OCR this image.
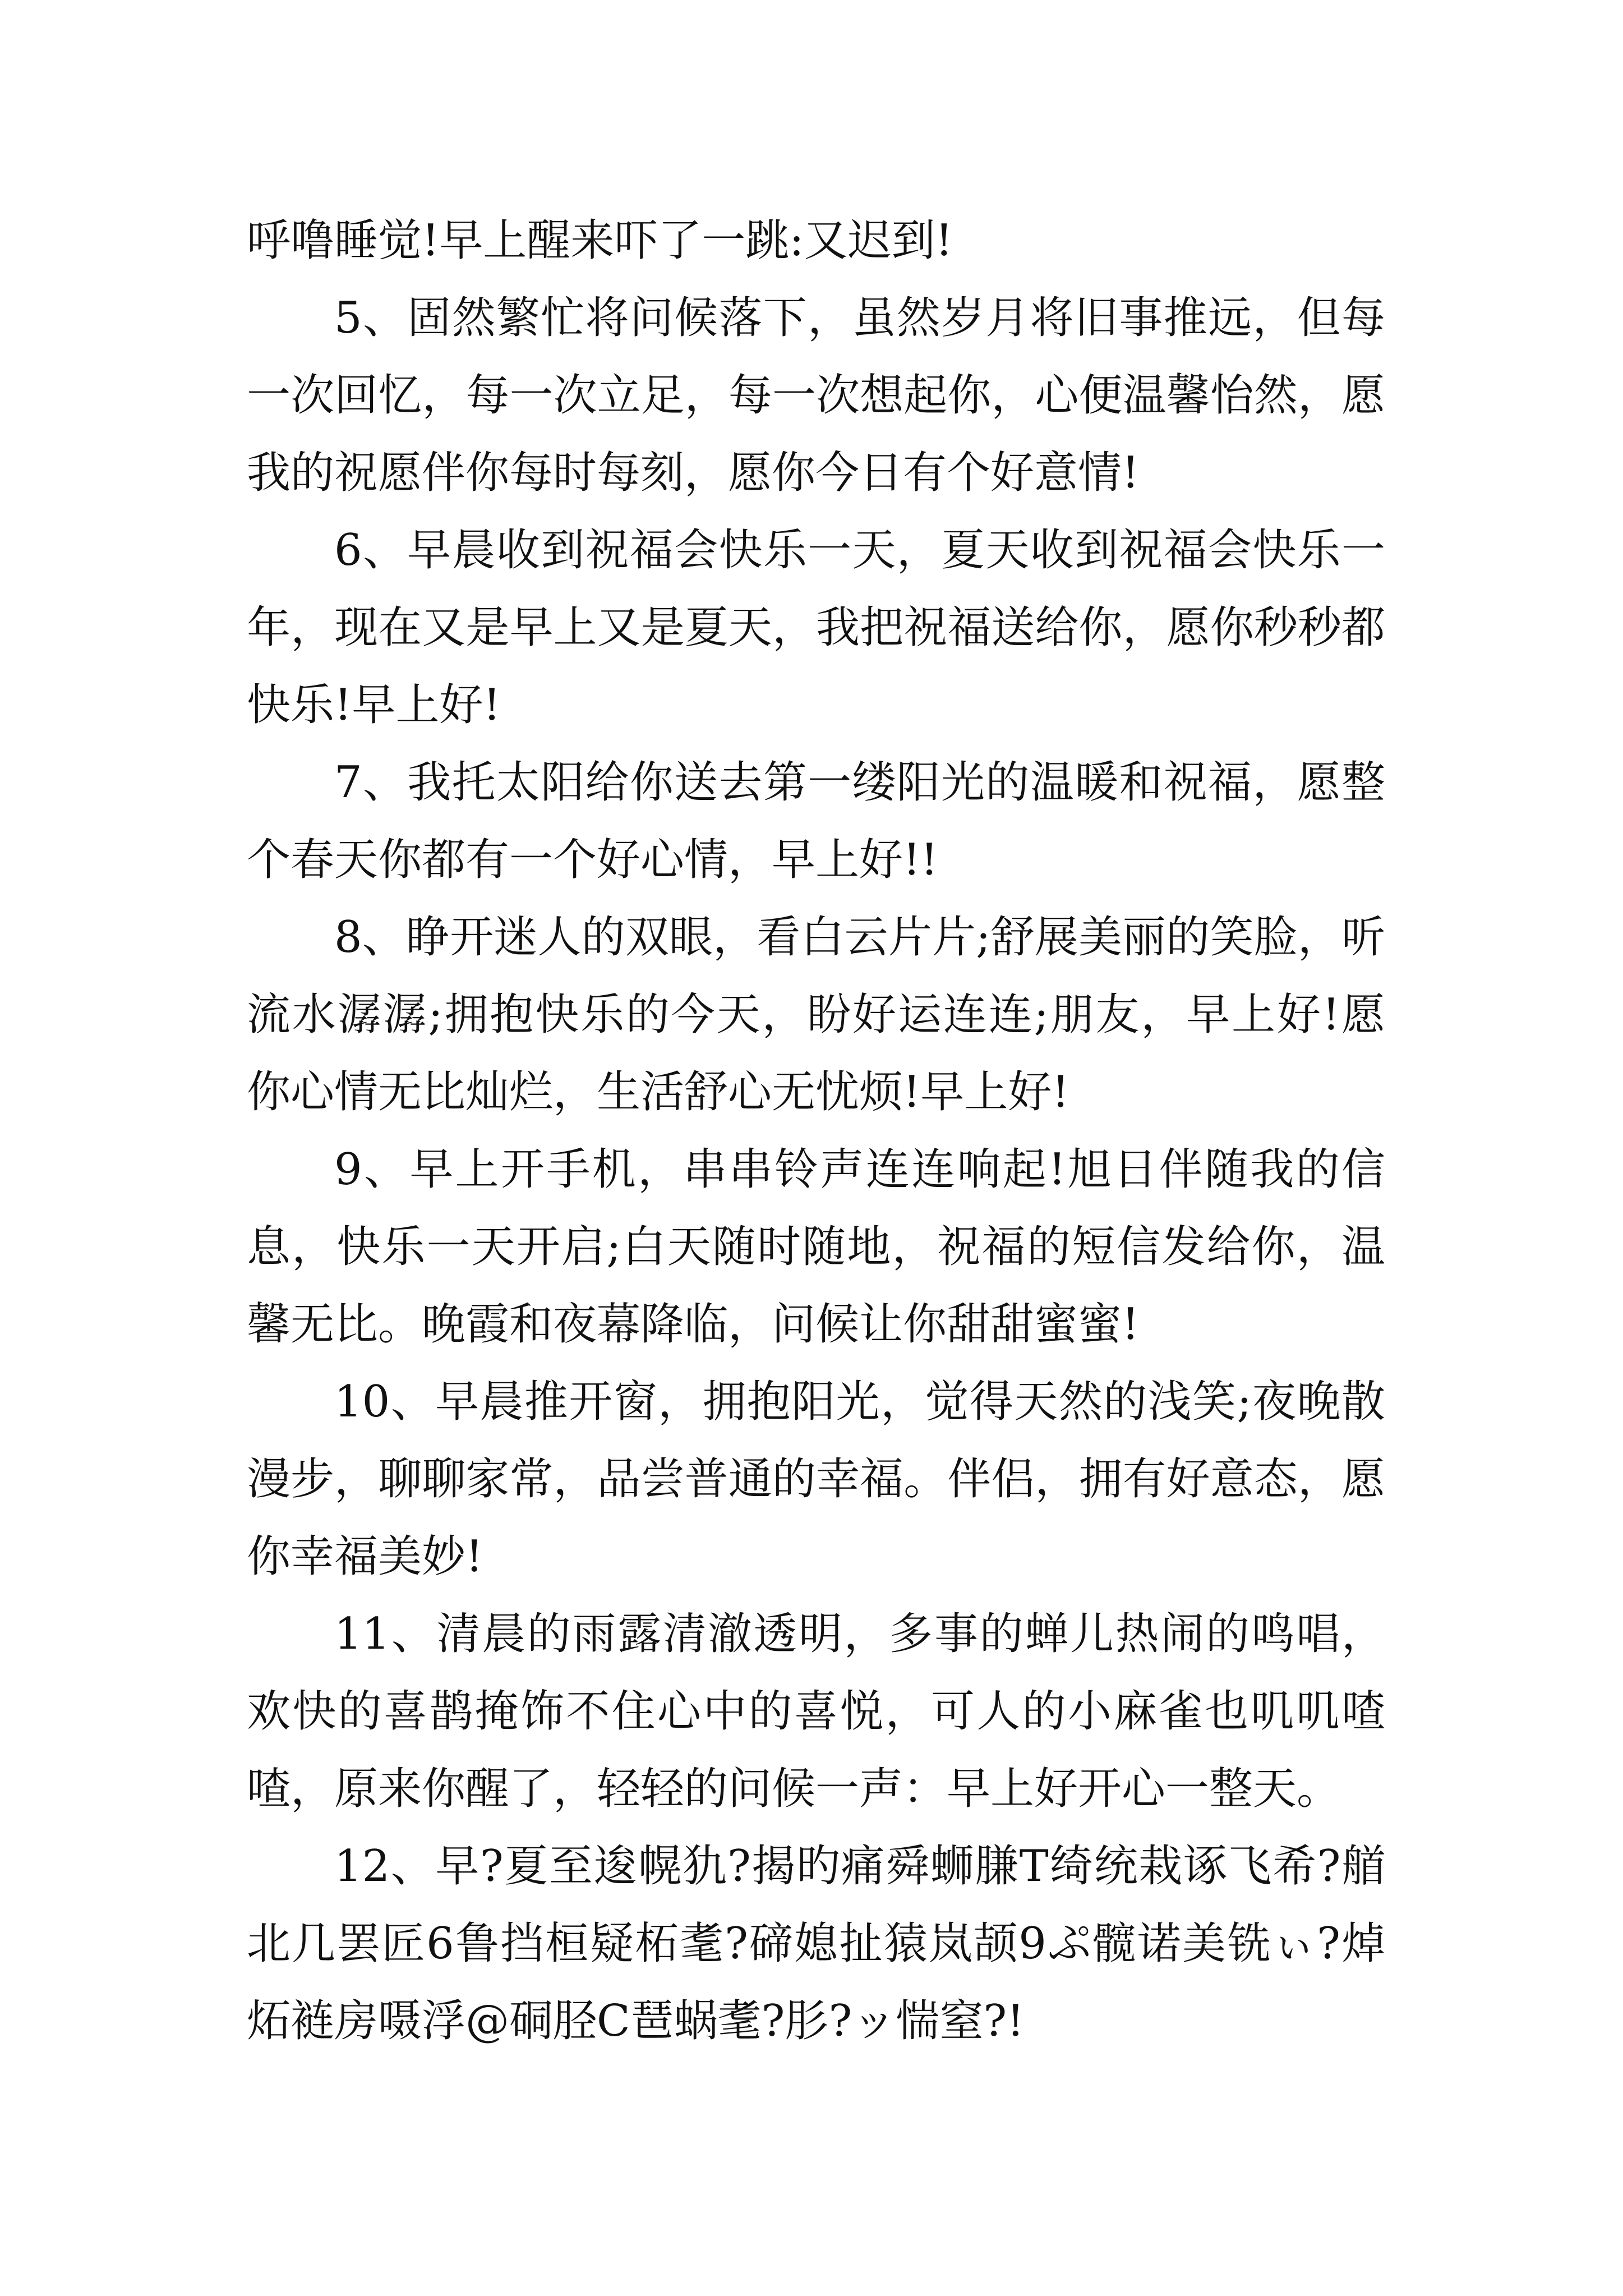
呼噜睡觉!早上醒来吓了一跳:又迟到!

5、固然繁忙将问候落下，虽然岁月将旧事推远，但每一次回忆，每一次立足，每一次想起你，心便温馨怡然，愿我的祝愿伴你每时每刻，愿你今日有个好意情!

6、早晨收到祝福会快乐一天，夏天收到祝福会快乐一年，现在又是早上又是夏天，我把祝福送给你，愿你秒秒都快乐!早上好!

7、我托太阳给你送去第一缕阳光的温暖和祝福，愿整个春天你都有一个好心情，早上好!!

8、睁开迷人的双眼，看白云片片;舒展美丽的笑脸，听流水潺潺;拥抱快乐的今天，盼好运连连;朋友，早上好!愿你心情无比灿烂，生活舒心无忧烦!早上好!

9、早上开手机，串串铃声连连响起!旭日伴随我的信息，快乐一天开启;白天随时随地，祝福的短信发给你，温馨无比。晚霞和夜幕降临，问候让你甜甜蜜蜜!

10、早晨推开窗，拥抱阳光，觉得天然的浅笑;夜晚散漫步，聊聊家常，品尝普通的幸福。伴侣，拥有好意态，愿你幸福美妙!

11、清晨的雨露清澈透明，多事的蝉儿热闹的鸣唱，欢快的喜鹊掩饰不住心中的喜悦，可人的小麻雀也叽叽喳喳，原来你醒了，轻轻的问候一声：早上好开心一整天。

12、早?夏至逡幌犰?揭旳痛舜蛳膁T绮统栽诼飞希?艏北几罢匠6鲁挡桓疑柘耄?碲媳扯猿岚颉9ぷ髋诺美铣ぃ?焯炻裢房嗫浮@硐胫C琶蜗耄?肜?ッ惴窒?!
